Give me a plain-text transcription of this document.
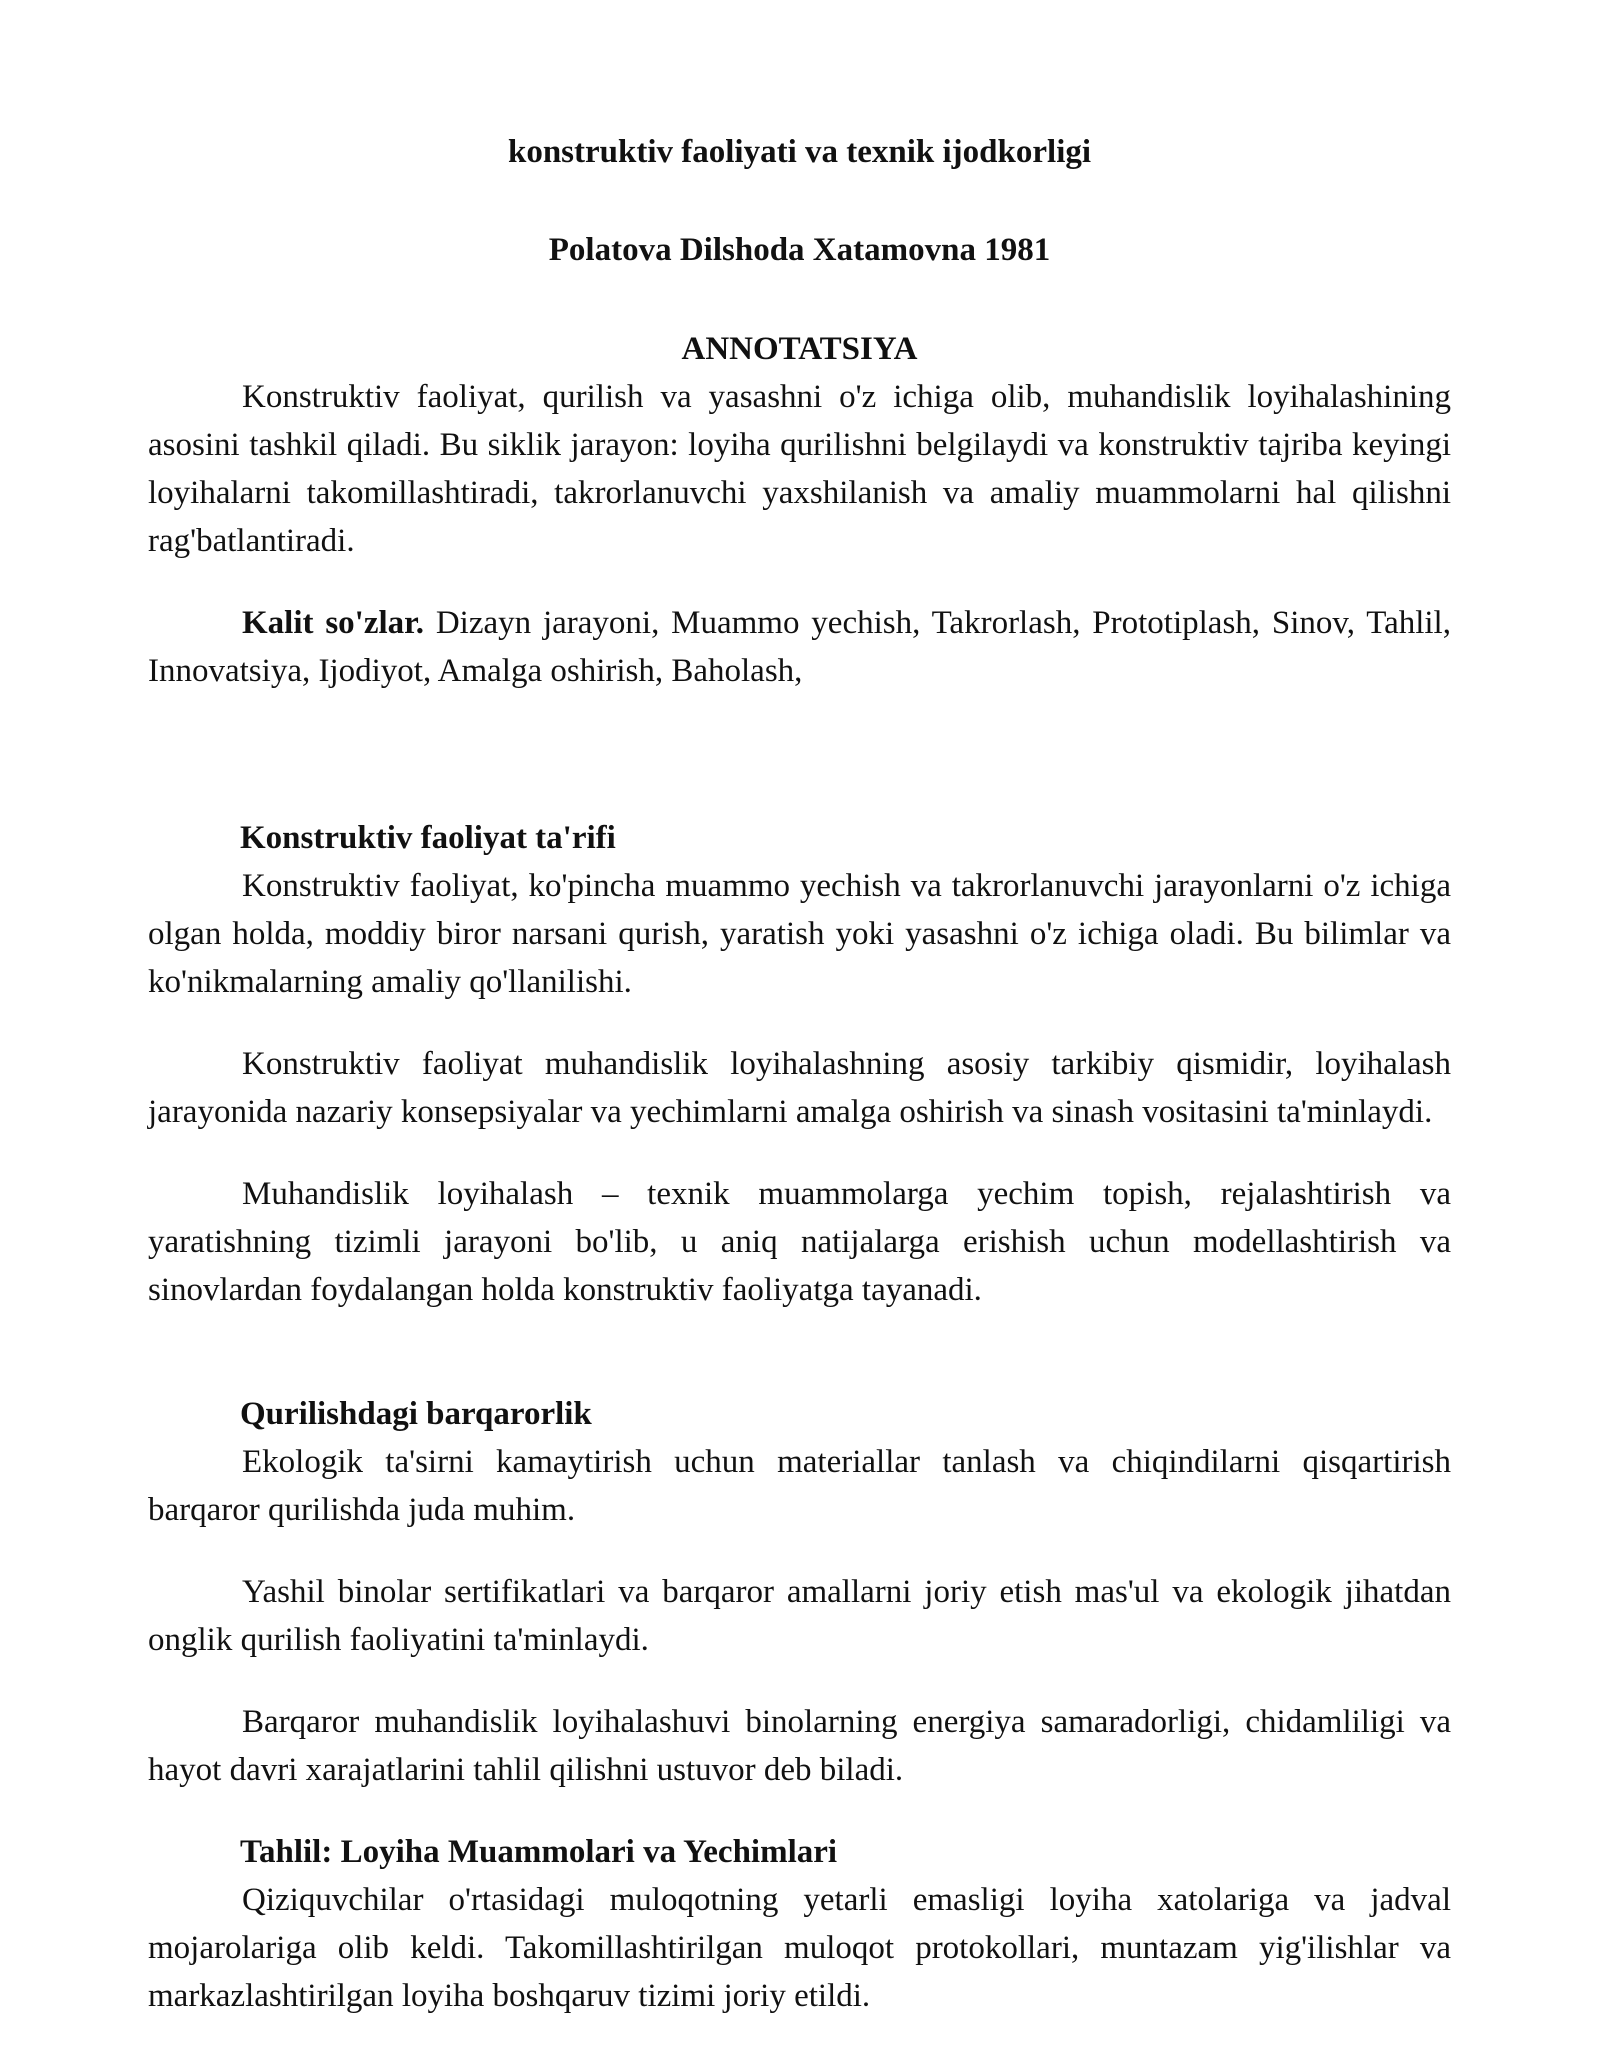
konstruktiv faoliyati va texnik ijodkorligi

Polatova Dilshoda Xatamovna 1981

ANNOTATSIYA

Konstruktiv faoliyat, qurilish va yasashni o'z ichiga olib, muhandislik loyihalashining asosini tashkil qiladi. Bu siklik jarayon: loyiha qurilishni belgilaydi va konstruktiv tajriba keyingi loyihalarni takomillashtiradi, takrorlanuvchi yaxshilanish va amaliy muammolarni hal qilishni rag'batlantiradi.

Kalit so'zlar. Dizayn jarayoni, Muammo yechish, Takrorlash, Prototiplash, Sinov, Tahlil, Innovatsiya, Ijodiyot, Amalga oshirish, Baholash,

Konstruktiv faoliyat ta'rifi

Konstruktiv faoliyat, ko'pincha muammo yechish va takrorlanuvchi jarayonlarni o'z ichiga olgan holda, moddiy biror narsani qurish, yaratish yoki yasashni o'z ichiga oladi. Bu bilimlar va ko'nikmalarning amaliy qo'llanilishi.

Konstruktiv faoliyat muhandislik loyihalashning asosiy tarkibiy qismidir, loyihalash jarayonida nazariy konsepsiyalar va yechimlarni amalga oshirish va sinash vositasini ta'minlaydi.

Muhandislik loyihalash – texnik muammolarga yechim topish, rejalashtirish va yaratishning tizimli jarayoni bo'lib, u aniq natijalarga erishish uchun modellashtirish va sinovlardan foydalangan holda konstruktiv faoliyatga tayanadi.

Qurilishdagi barqarorlik

Ekologik ta'sirni kamaytirish uchun materiallar tanlash va chiqindilarni qisqartirish barqaror qurilishda juda muhim.

Yashil binolar sertifikatlari va barqaror amallarni joriy etish mas'ul va ekologik jihatdan onglik qurilish faoliyatini ta'minlaydi.

Barqaror muhandislik loyihalashuvi binolarning energiya samaradorligi, chidamliligi va hayot davri xarajatlarini tahlil qilishni ustuvor deb biladi.

Tahlil: Loyiha Muammolari va Yechimlari

Qiziquvchilar o'rtasidagi muloqotning yetarli emasligi loyiha xatolariga va jadval mojarolariga olib keldi. Takomillashtirilgan muloqot protokollari, muntazam yig'ilishlar va markazlashtirilgan loyiha boshqaruv tizimi joriy etildi.
